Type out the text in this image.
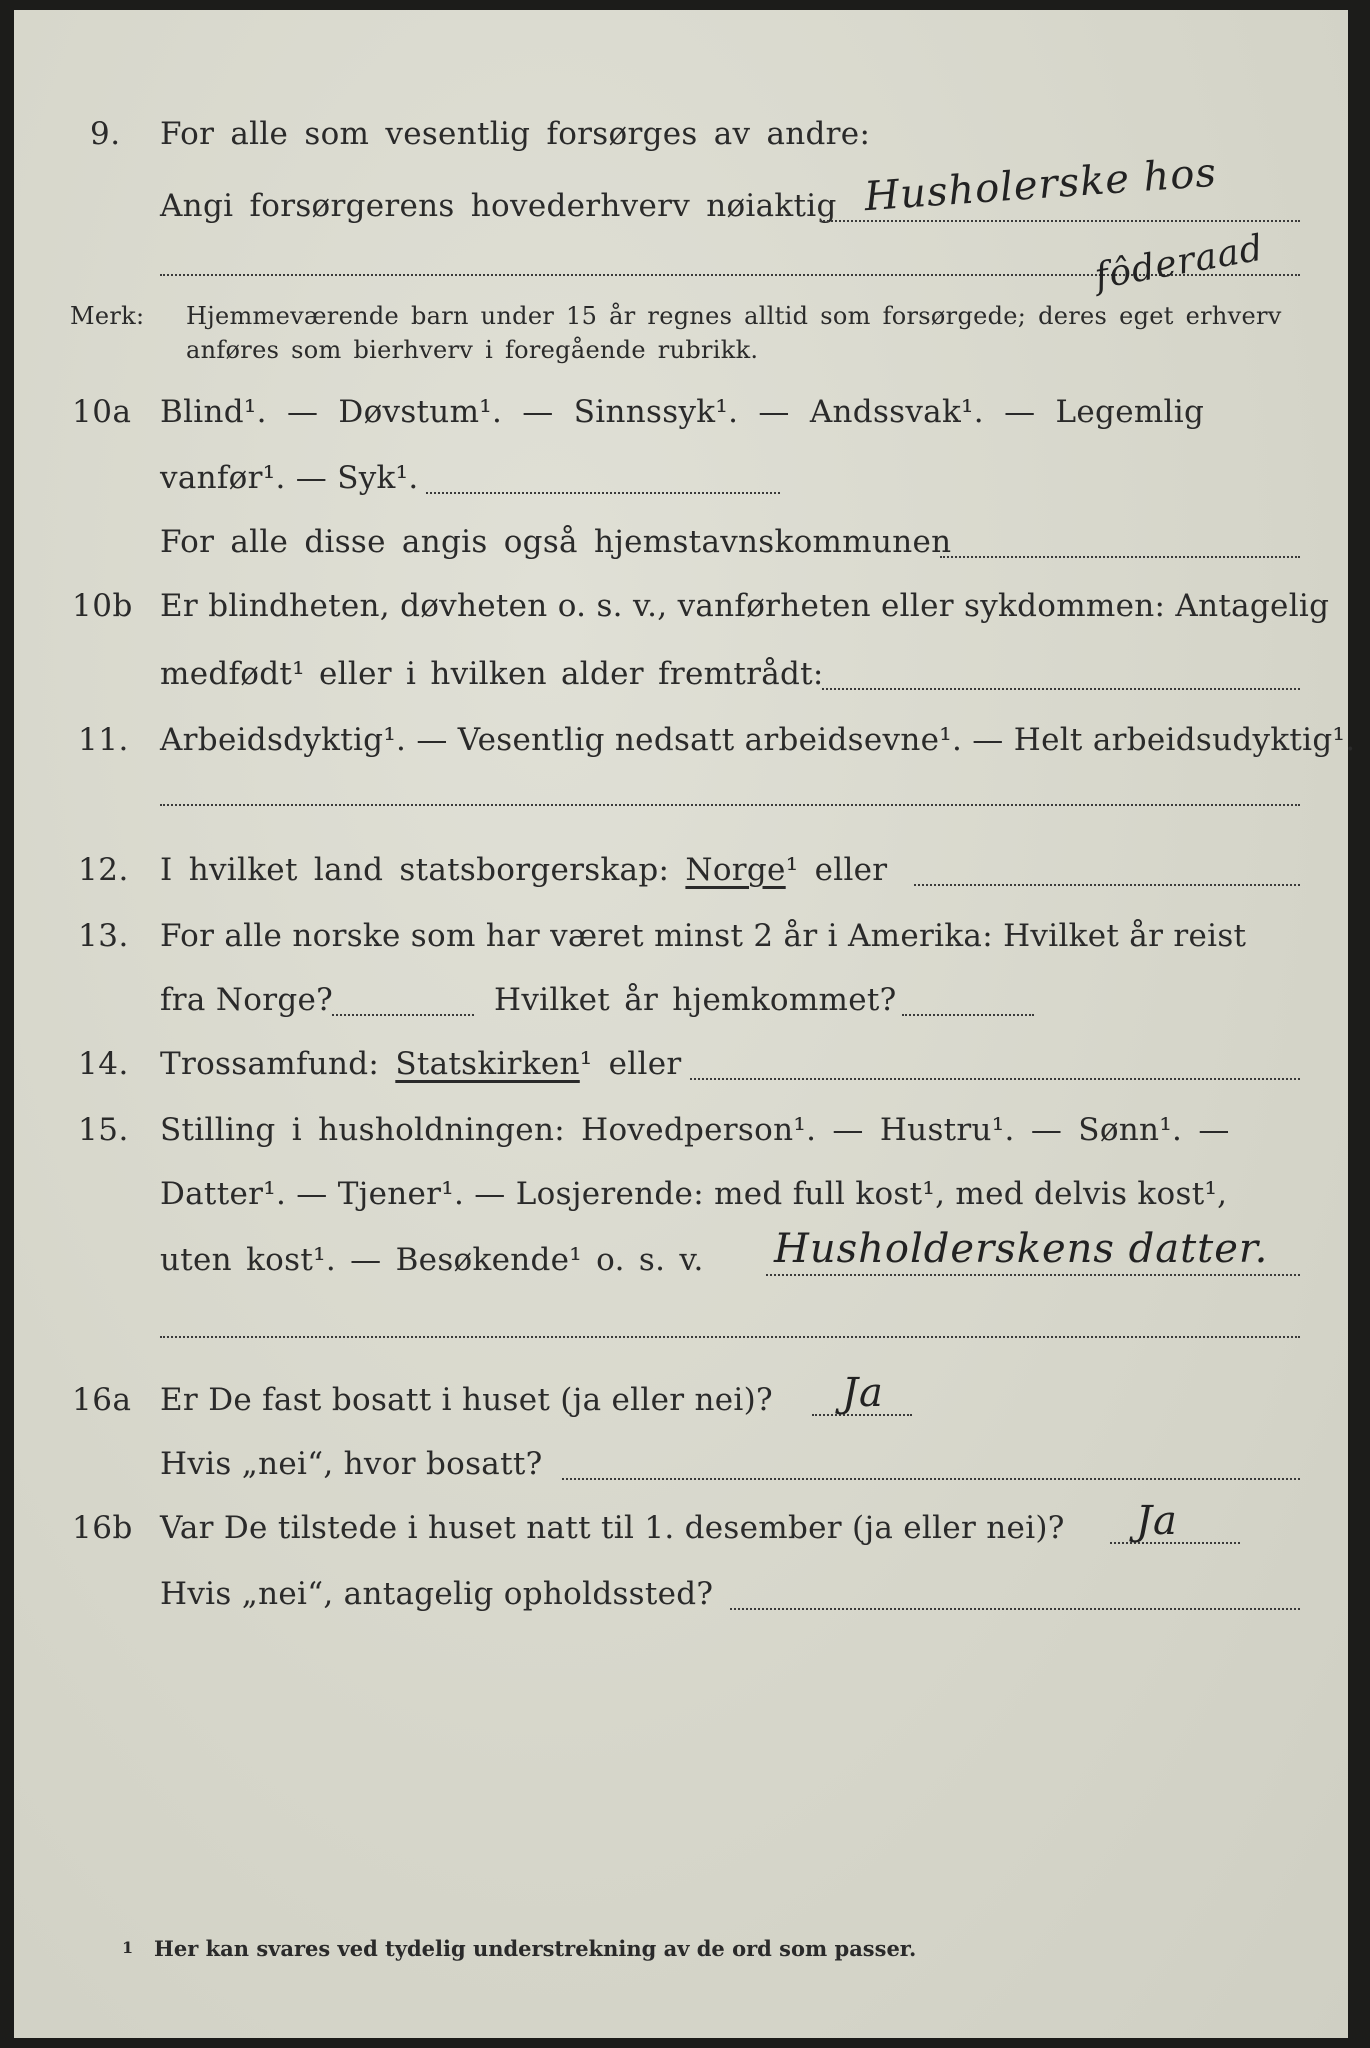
9. For alle som vesentlig forsørges av andre:
Angi forsørgerens hovederhverv nøiaktig Husholerske hos
fôderaad
Merk: Hjemmeværende barn under 15 år regnes alltid som forsørgede; deres eget erhverv
anføres som bierhverv i foregående rubrikk.
10a Blind¹. — Døvstum¹. — Sinnssyk¹. — Andssvak¹. — Legemlig
vanfør¹. — Syk¹.
For alle disse angis også hjemstavnskommunen
10b Er blindheten, døvheten o. s. v., vanførheten eller sykdommen: Antagelig
medfødt¹ eller i hvilken alder fremtrådt:
11. Arbeidsdyktig¹. — Vesentlig nedsatt arbeidsevne¹. — Helt arbeidsudyktig¹.
12. I hvilket land statsborgerskap: Norge¹ eller
13. For alle norske som har været minst 2 år i Amerika: Hvilket år reist
fra Norge?	Hvilket år hjemkommet?
14. Trossamfund: Statskirken¹ eller
15. Stilling i husholdningen: Hovedperson¹. — Hustru¹. — Sønn¹. —
Datter¹. — Tjener¹. — Losjerende: med full kost¹, med delvis kost¹,
uten kost¹. — Besøkende¹ o. s. v. Husholderskens datter.
16a Er De fast bosatt i huset (ja eller nei)? Ja
Hvis „nei“, hvor bosatt?
16b Var De tilstede i huset natt til 1. desember (ja eller nei)? Ja
Hvis „nei“, antagelig opholdssted?
1 Her kan svares ved tydelig understrekning av de ord som passer.
